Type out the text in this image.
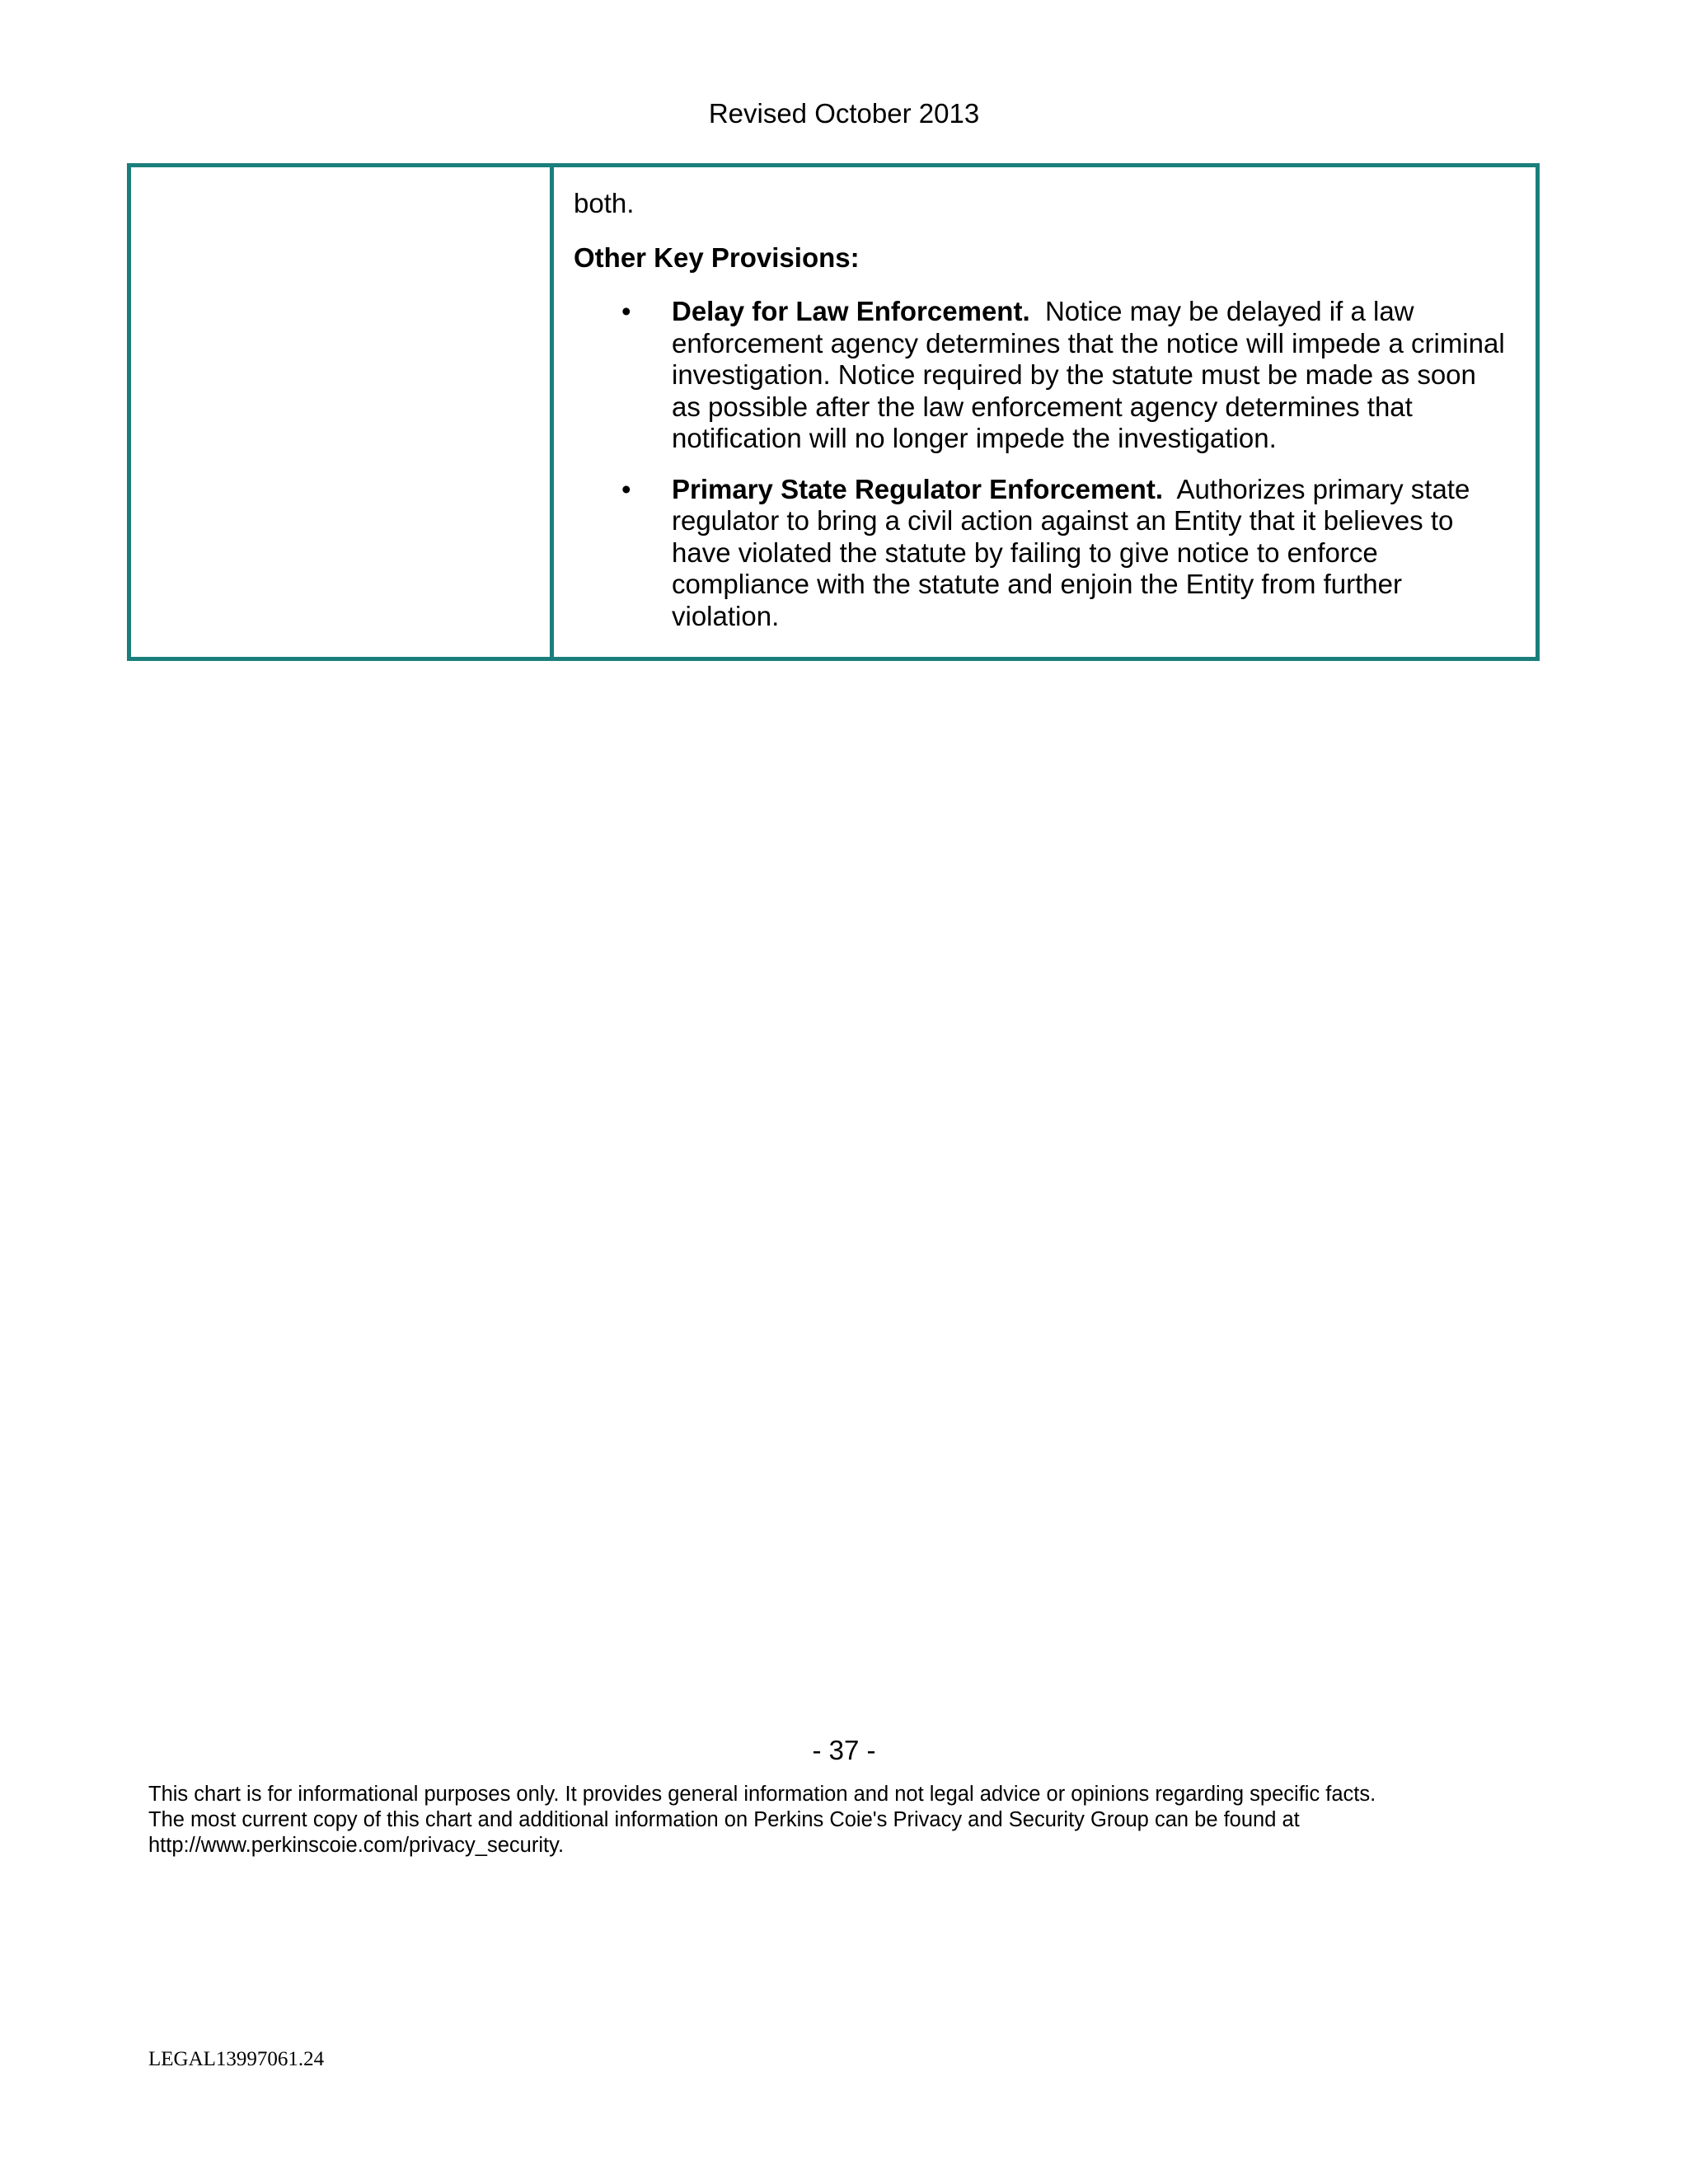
Revised October 2013

both.

Other Key Provisions:

• Delay for Law Enforcement. Notice may be delayed if a law enforcement agency determines that the notice will impede a criminal investigation. Notice required by the statute must be made as soon as possible after the law enforcement agency determines that notification will no longer impede the investigation.
• Primary State Regulator Enforcement. Authorizes primary state regulator to bring a civil action against an Entity that it believes to have violated the statute by failing to give notice to enforce compliance with the statute and enjoin the Entity from further violation.
- 37 -
This chart is for informational purposes only. It provides general information and not legal advice or opinions regarding specific facts.
The most current copy of this chart and additional information on Perkins Coie's Privacy and Security Group can be found at
http://www.perkinscoie.com/privacy_security.
LEGAL13997061.24
